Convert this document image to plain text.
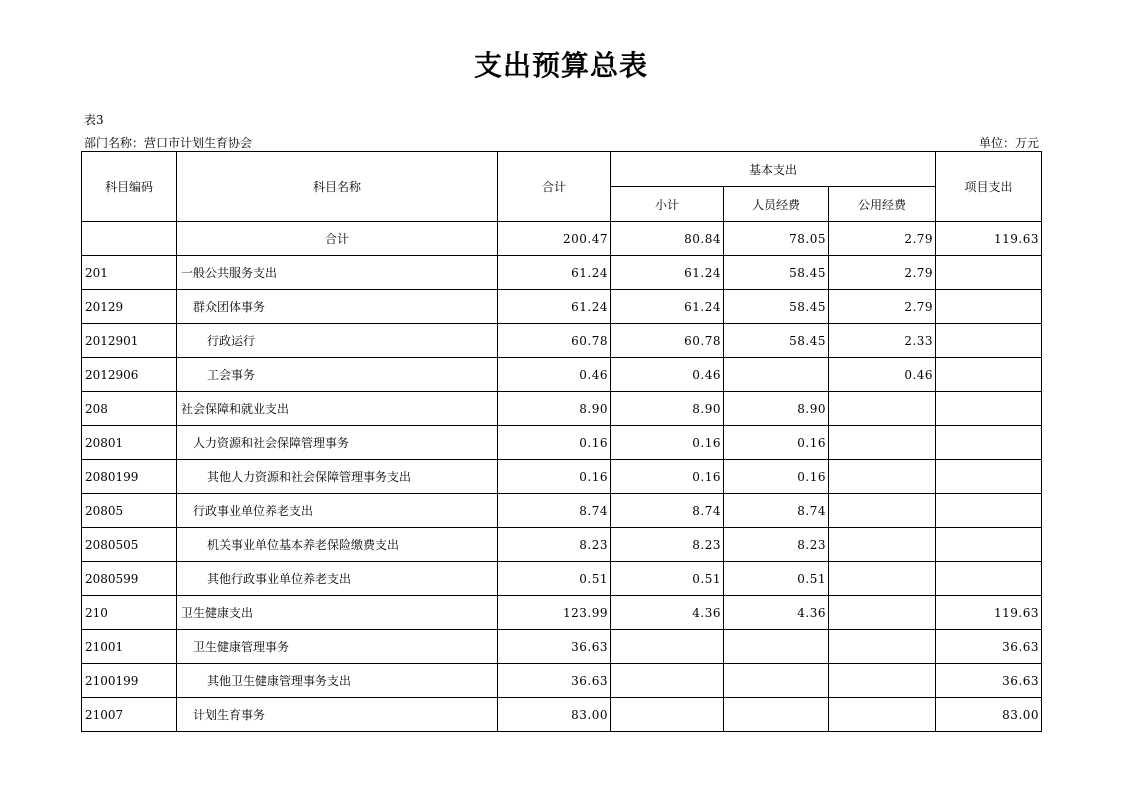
支出预算总表
表3
部门名称：营口市计划生育协会	单位：万元
科目编码	科目名称	合计	基本支出			项目支出
			小计	人员经费	公用经费	
	合计	200.47	80.84	78.05	2.79	119.63
201	一般公共服务支出	61.24	61.24	58.45	2.79	
20129	群众团体事务	61.24	61.24	58.45	2.79	
2012901	行政运行	60.78	60.78	58.45	2.33	
2012906	工会事务	0.46	0.46		0.46	
208	社会保障和就业支出	8.90	8.90	8.90		
20801	人力资源和社会保障管理事务	0.16	0.16	0.16		
2080199	其他人力资源和社会保障管理事务支出	0.16	0.16	0.16		
20805	行政事业单位养老支出	8.74	8.74	8.74		
2080505	机关事业单位基本养老保险缴费支出	8.23	8.23	8.23		
2080599	其他行政事业单位养老支出	0.51	0.51	0.51		
210	卫生健康支出	123.99	4.36	4.36		119.63
21001	卫生健康管理事务	36.63				36.63
2100199	其他卫生健康管理事务支出	36.63				36.63
21007	计划生育事务	83.00				83.00
